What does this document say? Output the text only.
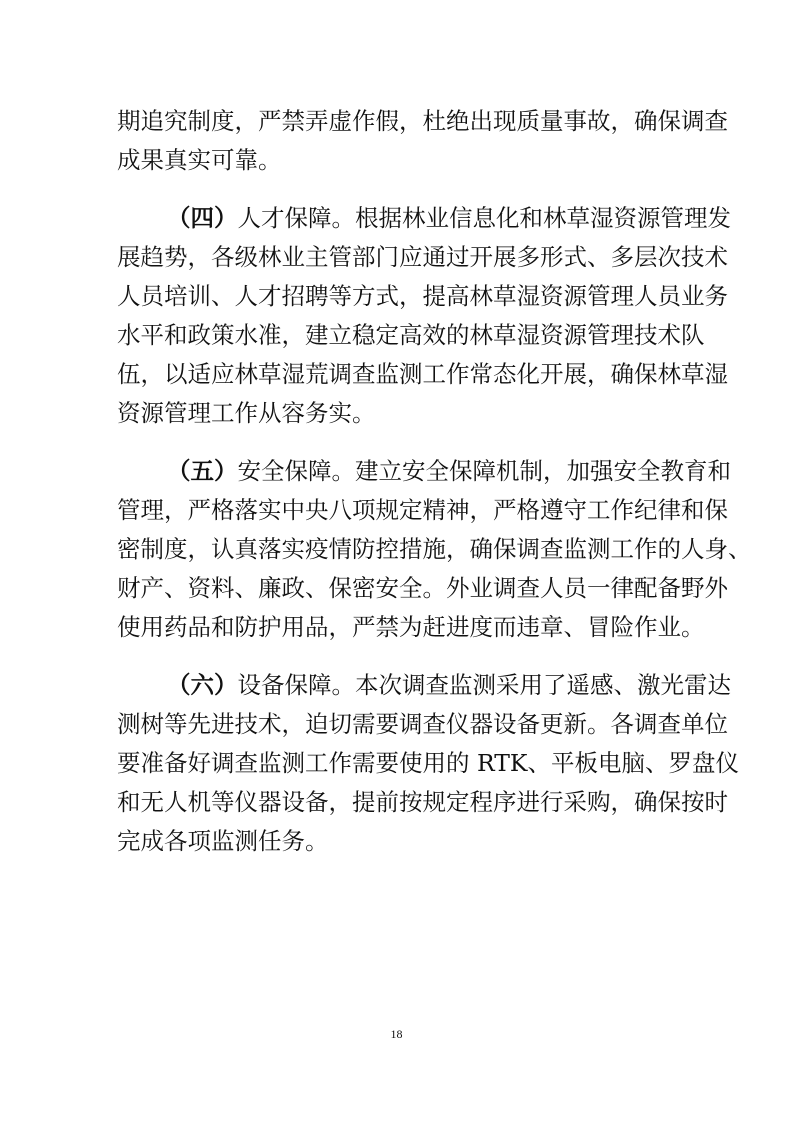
期追究制度，严禁弄虚作假，杜绝出现质量事故，确保调查
成果真实可靠。
（四）人才保障。根据林业信息化和林草湿资源管理发
展趋势，各级林业主管部门应通过开展多形式、多层次技术
人员培训、人才招聘等方式，提高林草湿资源管理人员业务
水平和政策水准，建立稳定高效的林草湿资源管理技术队
伍，以适应林草湿荒调查监测工作常态化开展，确保林草湿
资源管理工作从容务实。
（五）安全保障。建立安全保障机制，加强安全教育和
管理，严格落实中央八项规定精神，严格遵守工作纪律和保
密制度，认真落实疫情防控措施，确保调查监测工作的人身、
财产、资料、廉政、保密安全。外业调查人员一律配备野外
使用药品和防护用品，严禁为赶进度而违章、冒险作业。
（六）设备保障。本次调查监测采用了遥感、激光雷达
测树等先进技术，迫切需要调查仪器设备更新。各调查单位
要准备好调查监测工作需要使用的 RTK、平板电脑、罗盘仪
和无人机等仪器设备，提前按规定程序进行采购，确保按时
完成各项监测任务。
18
